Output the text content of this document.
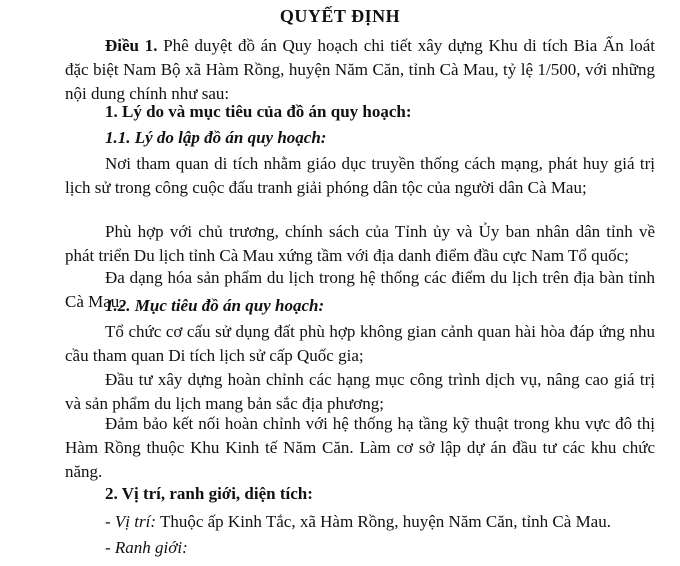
QUYẾT ĐỊNH
Điều 1. Phê duyệt đồ án Quy hoạch chi tiết xây dựng Khu di tích Bia Ấn loát đặc biệt Nam Bộ xã Hàm Rồng, huyện Năm Căn, tỉnh Cà Mau, tỷ lệ 1/500, với những nội dung chính như sau:
1. Lý do và mục tiêu của đồ án quy hoạch:
1.1. Lý do lập đồ án quy hoạch:
Nơi tham quan di tích nhằm giáo dục truyền thống cách mạng, phát huy giá trị lịch sử trong công cuộc đấu tranh giải phóng dân tộc của người dân Cà Mau;
Phù hợp với chủ trương, chính sách của Tỉnh ủy và Ủy ban nhân dân tỉnh về phát triển Du lịch tỉnh Cà Mau xứng tầm với địa danh điểm đầu cực Nam Tổ quốc;
Đa dạng hóa sản phẩm du lịch trong hệ thống các điểm du lịch trên địa bàn tỉnh Cà Mau.
1.2. Mục tiêu đồ án quy hoạch:
Tổ chức cơ cấu sử dụng đất phù hợp không gian cảnh quan hài hòa đáp ứng nhu cầu tham quan Di tích lịch sử cấp Quốc gia;
Đầu tư xây dựng hoàn chỉnh các hạng mục công trình dịch vụ, nâng cao giá trị và sản phẩm du lịch mang bản sắc địa phương;
Đảm bảo kết nối hoàn chỉnh với hệ thống hạ tầng kỹ thuật trong khu vực đô thị Hàm Rồng thuộc Khu Kinh tế Năm Căn. Làm cơ sở lập dự án đầu tư các khu chức năng.
2. Vị trí, ranh giới, diện tích:
- Vị trí: Thuộc ấp Kinh Tắc, xã Hàm Rồng, huyện Năm Căn, tỉnh Cà Mau.
- Ranh giới:
